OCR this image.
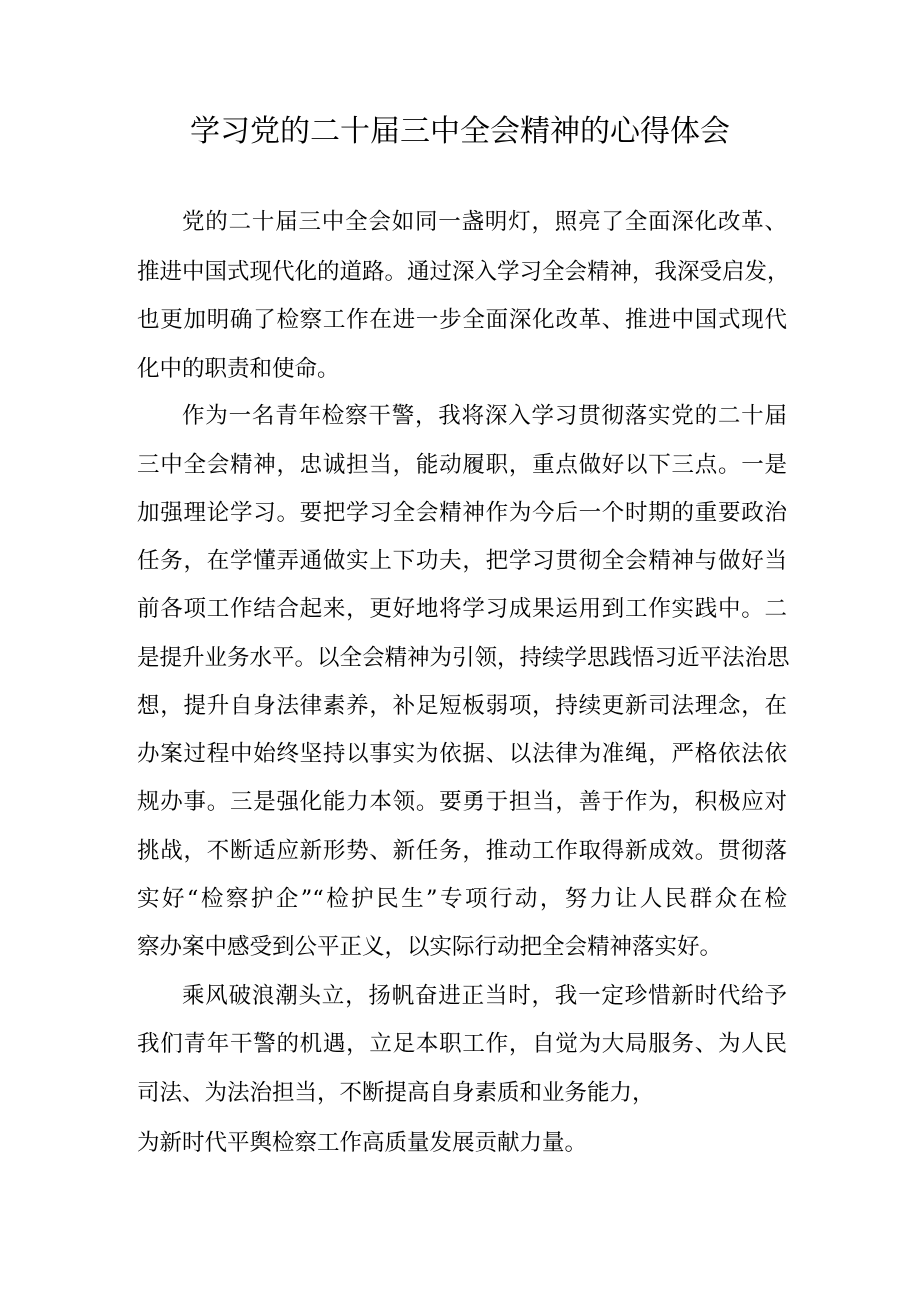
学习党的二十届三中全会精神的心得体会
党的二十届三中全会如同一盏明灯，照亮了全面深化改革、
推进中国式现代化的道路。通过深入学习全会精神，我深受启发，
也更加明确了检察工作在进一步全面深化改革、推进中国式现代
化中的职责和使命。
作为一名青年检察干警，我将深入学习贯彻落实党的二十届
三中全会精神，忠诚担当，能动履职，重点做好以下三点。一是
加强理论学习。要把学习全会精神作为今后一个时期的重要政治
任务，在学懂弄通做实上下功夫，把学习贯彻全会精神与做好当
前各项工作结合起来，更好地将学习成果运用到工作实践中。二
是提升业务水平。以全会精神为引领，持续学思践悟习近平法治思
想，提升自身法律素养，补足短板弱项，持续更新司法理念，在
办案过程中始终坚持以事实为依据、以法律为准绳，严格依法依
规办事。三是强化能力本领。要勇于担当，善于作为，积极应对
挑战，不断适应新形势、新任务，推动工作取得新成效。贯彻落
实好“检察护企”“检护民生”专项行动，努力让人民群众在检
察办案中感受到公平正义，以实际行动把全会精神落实好。
乘风破浪潮头立，扬帆奋进正当时，我一定珍惜新时代给予
我们青年干警的机遇，立足本职工作，自觉为大局服务、为人民
司法、为法治担当，不断提高自身素质和业务能力，
为新时代平舆检察工作高质量发展贡献力量。
